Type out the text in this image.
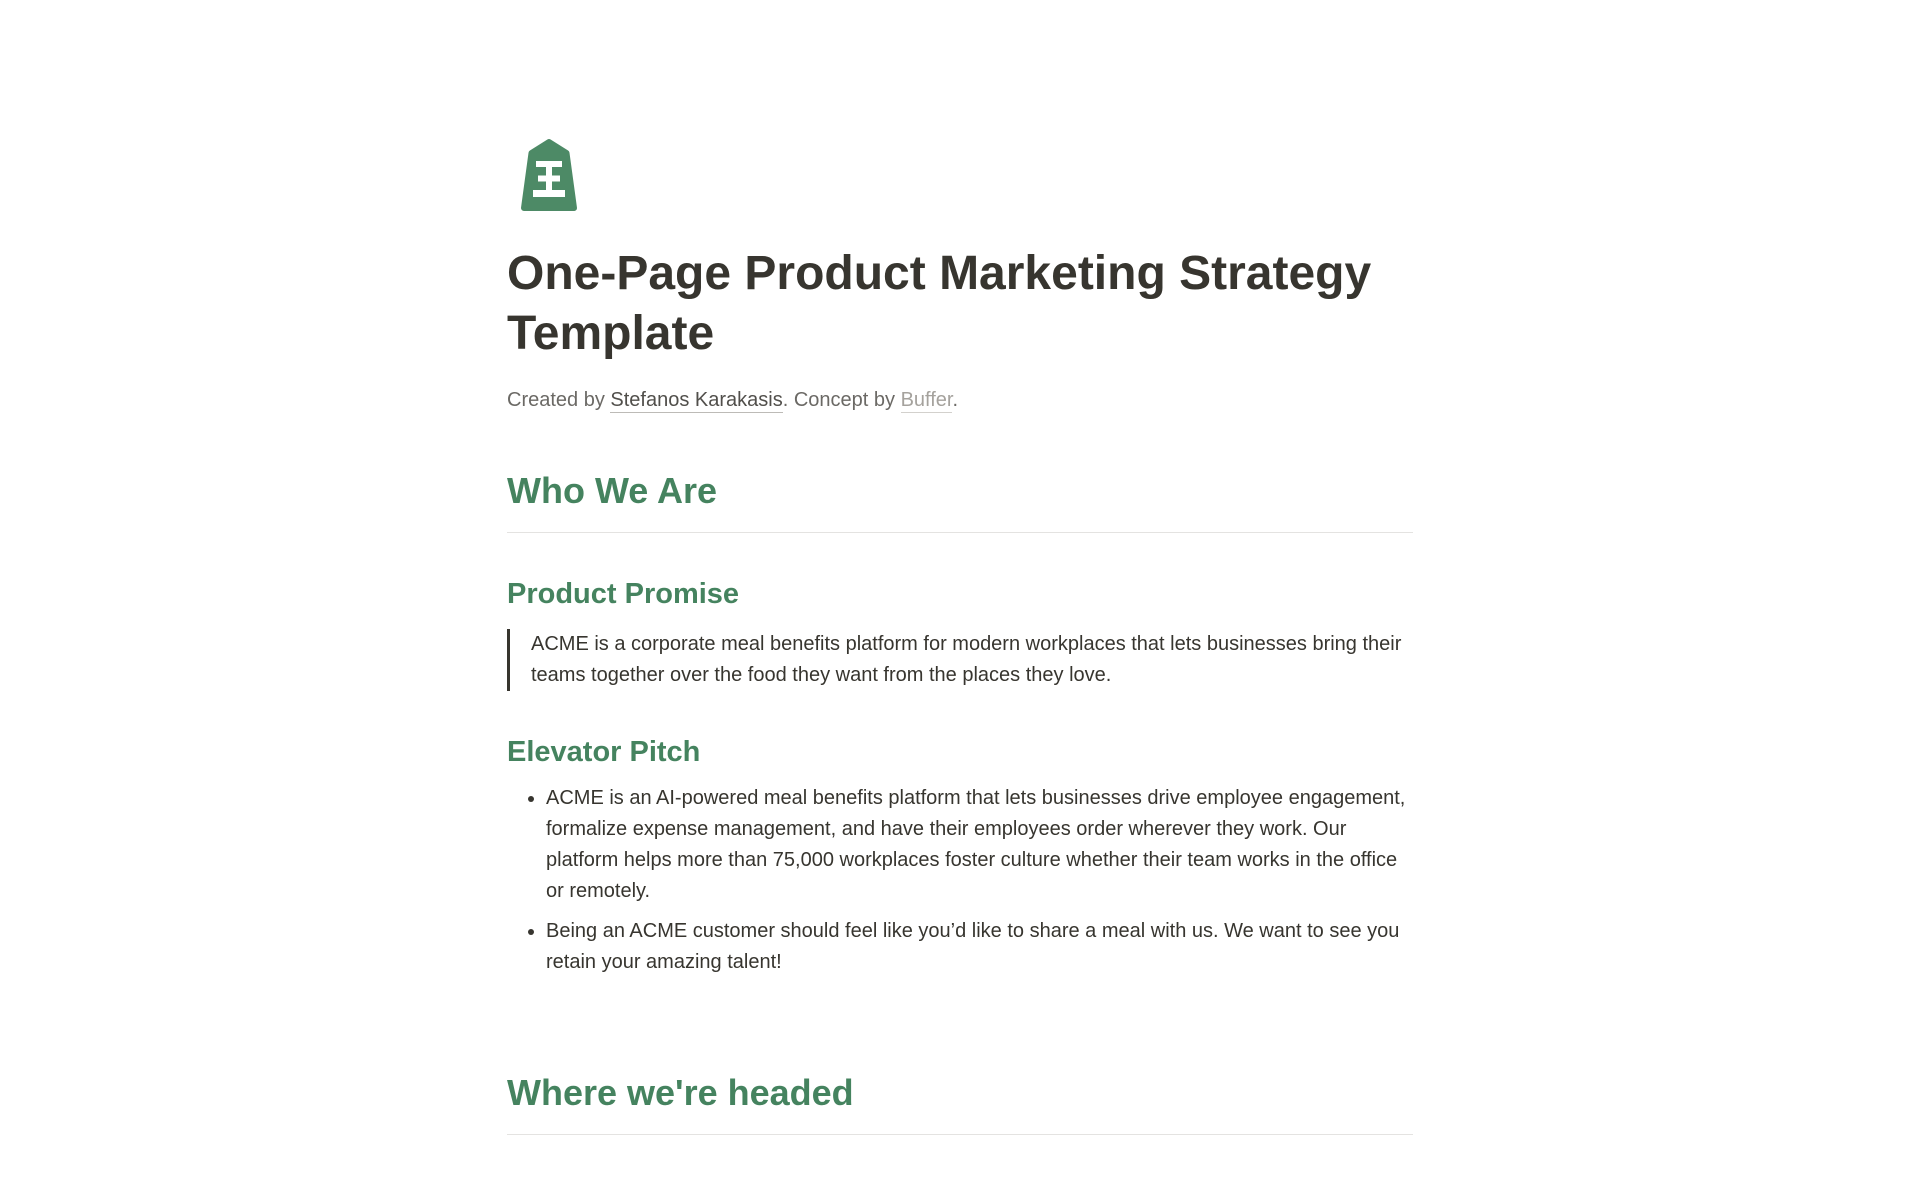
One-Page Product Marketing Strategy Template

Created by Stefanos Karakasis. Concept by Buffer.

Who We Are
Product Promise
ACME is a corporate meal benefits platform for modern workplaces that lets businesses bring their teams together over the food they want from the places they love.
Elevator Pitch
• ACME is an AI-powered meal benefits platform that lets businesses drive employee engagement, formalize expense management, and have their employees order wherever they work. Our platform helps more than 75,000 workplaces foster culture whether their team works in the office or remotely.
• Being an ACME customer should feel like you’d like to share a meal with us. We want to see you retain your amazing talent!
Where we're headed
